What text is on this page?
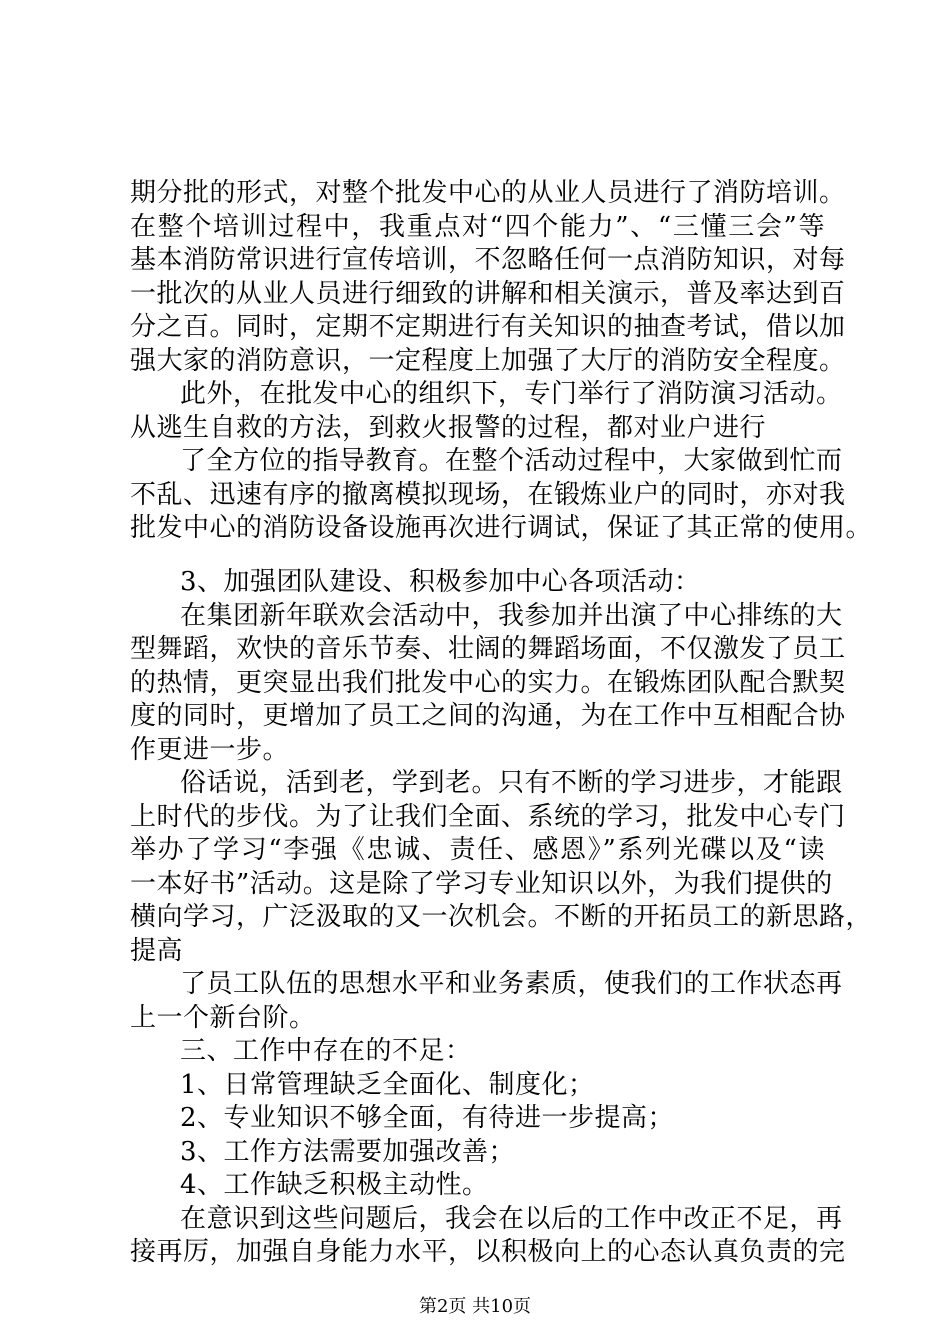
期分批的形式，对整个批发中心的从业人员进行了消防培训。
在整个培训过程中，我重点对“四个能力”、“三懂三会”等
基本消防常识进行宣传培训，不忽略任何一点消防知识，对每
一批次的从业人员进行细致的讲解和相关演示，普及率达到百
分之百。同时，定期不定期进行有关知识的抽查考试，借以加
强大家的消防意识，一定程度上加强了大厅的消防安全程度。
此外，在批发中心的组织下，专门举行了消防演习活动。
从逃生自救的方法，到救火报警的过程，都对业户进行
了全方位的指导教育。在整个活动过程中，大家做到忙而
不乱、迅速有序的撤离模拟现场，在锻炼业户的同时，亦对我
批发中心的消防设备设施再次进行调试，保证了其正常的使用。
3、加强团队建设、积极参加中心各项活动：
在集团新年联欢会活动中，我参加并出演了中心排练的大
型舞蹈，欢快的音乐节奏、壮阔的舞蹈场面，不仅激发了员工
的热情，更突显出我们批发中心的实力。在锻炼团队配合默契
度的同时，更增加了员工之间的沟通，为在工作中互相配合协
作更进一步。
俗话说，活到老，学到老。只有不断的学习进步，才能跟
上时代的步伐。为了让我们全面、系统的学习，批发中心专门
举办了学习“李强《忠诚、责任、感恩》”系列光碟以及“读
一本好书”活动。这是除了学习专业知识以外，为我们提供的
横向学习，广泛汲取的又一次机会。不断的开拓员工的新思路，
提高
了员工队伍的思想水平和业务素质，使我们的工作状态再
上一个新台阶。
三、工作中存在的不足：
1、日常管理缺乏全面化、制度化；
2、专业知识不够全面，有待进一步提高；
3、工作方法需要加强改善；
4、工作缺乏积极主动性。
在意识到这些问题后，我会在以后的工作中改正不足，再
接再厉，加强自身能力水平，以积极向上的心态认真负责的完
第2页 共10页
